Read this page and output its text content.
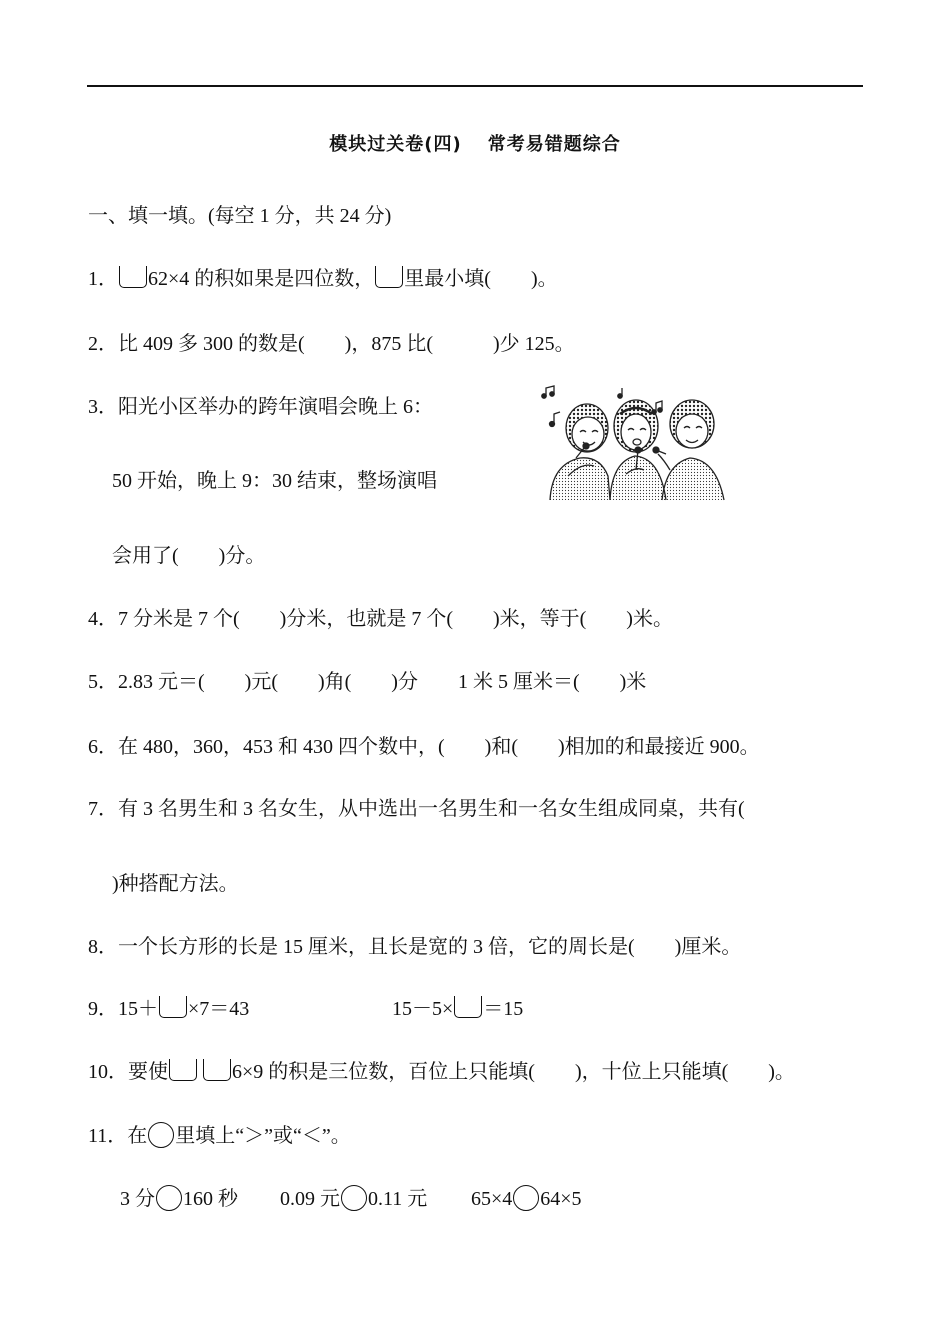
模块过关卷(四) 常考易错题综合
一、填一填。(每空 1 分，共 24 分)
1． 62×4 的积如果是四位数， 里最小填(　　)。
2．比 409 多 300 的数是(　　)，875 比(　　　)少 125。
3．阳光小区举办的跨年演唱会晚上 6：
50 开始，晚上 9：30 结束，整场演唱
会用了(　　)分。
4．7 分米是 7 个(　　)分米，也就是 7 个(　　)米，等于(　　)米。
5．2.83 元＝(　　)元(　　)角(　　)分　　1 米 5 厘米＝(　　)米
6．在 480，360，453 和 430 四个数中，(　　)和(　　)相加的和最接近 900。
7．有 3 名男生和 3 名女生，从中选出一名男生和一名女生组成同桌，共有(
)种搭配方法。
8．一个长方形的长是 15 厘米，且长是宽的 3 倍，它的周长是(　　)厘米。
9．15＋ ×7＝43	15－5× ＝15
10．要使 	6×9 的积是三位数，百位上只能填(　　)，十位上只能填(　　)。
11．在 里填上“＞”或“＜”。
3 分 160 秒 0.09 元 0.11 元 65×4 64×5
